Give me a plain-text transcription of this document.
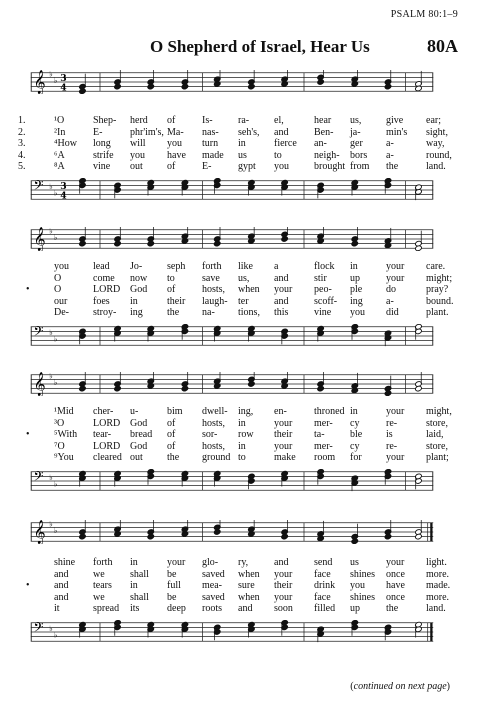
PSALM 80:1–9
O Shepherd of Israel, Hear Us	80A
𝄞 ♭
♭ 3
4
1.	¹O	Shep- herd of	Is-	ra- el,	hear us, give ear;
2.	²In	E-	phr'im's, Ma- nas- seh's, and	Ben- ja-	min's sight,
3.	⁴How long will you turn in	fierce an- ger a-	way,
4.	⁶A	strife you have made us	to	neigh- bors a-	round,
5.	⁸A	vine out of	E-	gypt you	brought from the	land.
𝄢 ♭
♭
3
4
𝄞 ♭
♭
you lead Jo- seph forth like a	flock in	your care.
O	come now to	save us, and	stir up	your might;
• O	LORD God of	hosts, when your peo- ple do	pray?
our	foes in	their laugh- ter	and	scoff- ing a-	bound.
De- stroy- ing the na- tions, this	vine you did	plant.
𝄢 ♭
♭
𝄞 ♭
♭
¹Mid cher- u-	bim dwell- ing, en-	throned in	your might,
³O	LORD God of	hosts, in	your mer- cy	re-	store,
• ⁵With tear- bread of	sor- row their ta-	ble is	laid,
⁷O	LORD God of	hosts, in	your mer- cy	re-	store,
⁹You cleared out the ground to	make room for your plant;
𝄢 ♭
♭
𝄞 ♭
♭
shine forth in	your glo- ry,	and	send us	your light.
and we	shall be	saved when your face shines once more.
• and tears in	full mea- sure their drink you have made.
and we	shall be	saved when your face shines once more.
it	spread its	deep roots and soon filled up	the	land.
𝄢 ♭
♭
(continued on next page)
